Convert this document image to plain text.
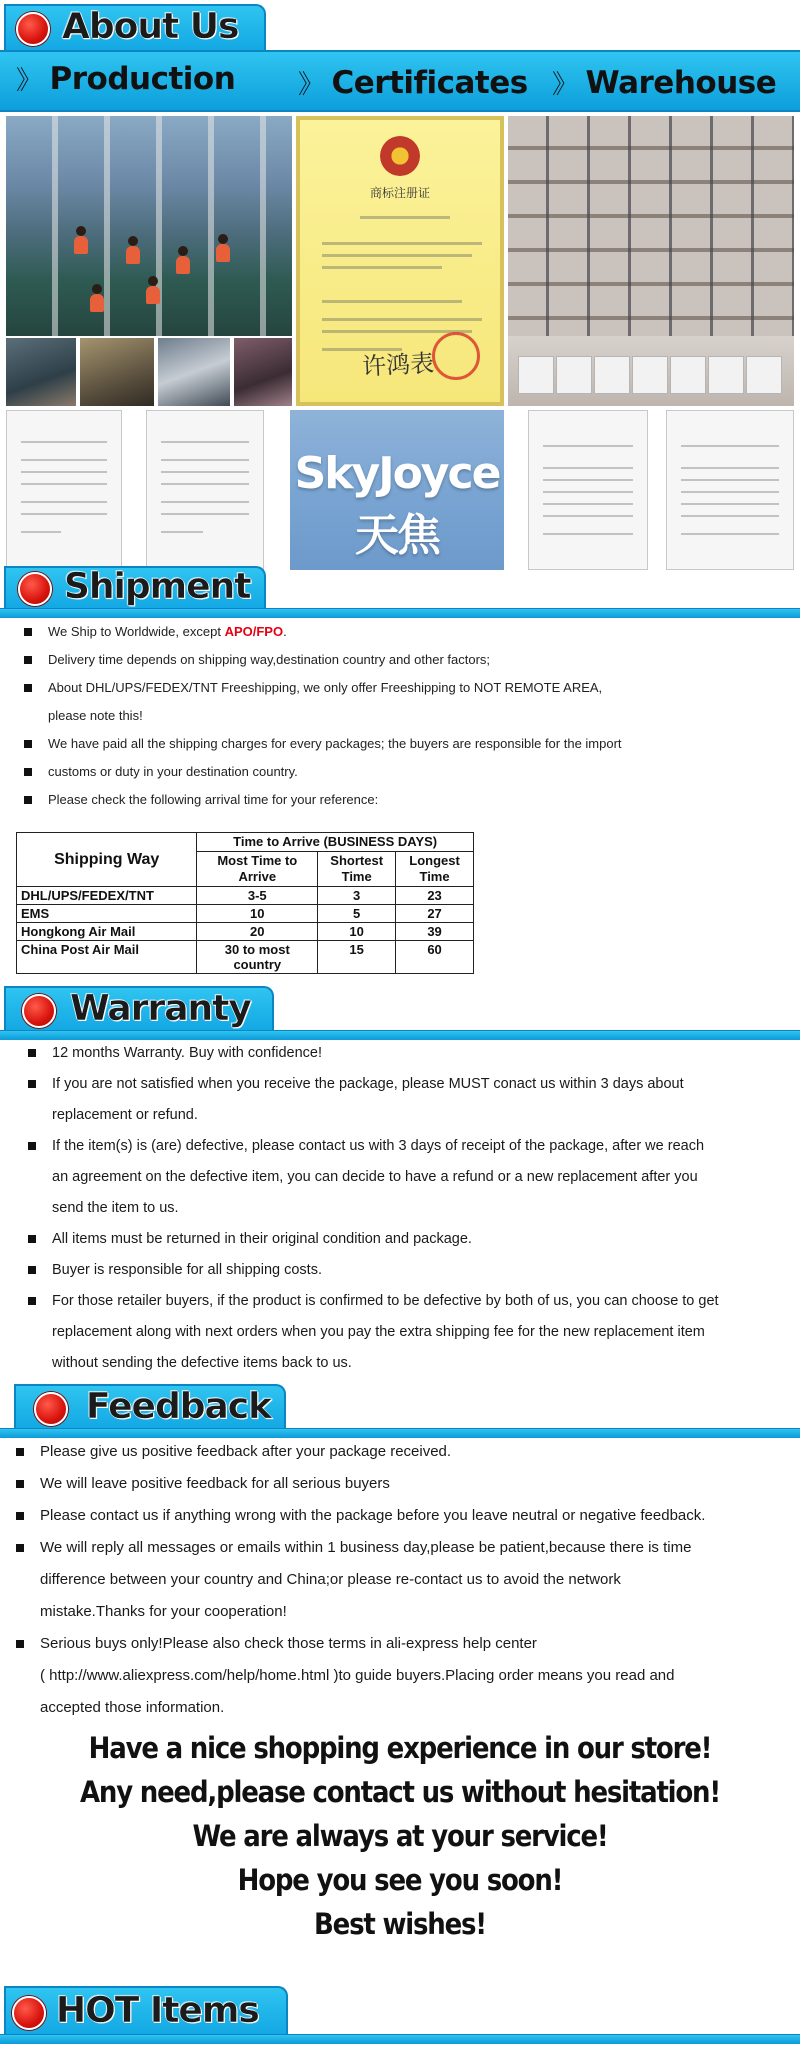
About Us
》 Production 》 Certificates 》 Warehouse
商标注册证
许鸿表
SkyJoyce天焦
Shipment
We Ship to Worldwide, except APO/FPO.
Delivery time depends on shipping way,destination country and other factors;
About DHL/UPS/FEDEX/TNT Freeshipping, we only offer Freeshipping to NOT REMOTE AREA,
please note this!
We have paid all the shipping charges for every packages; the buyers are responsible for the import
customs or duty in your destination country.
Please check the following arrival time for your reference:
Shipping Way	Time to Arrive (BUSINESS DAYS)		
	Most Time to Arrive	Shortest Time	Longest Time
DHL/UPS/FEDEX/TNT	3-5	3	23
EMS	10	5	27
Hongkong Air Mail	20	10	39
China Post Air Mail	30 to most country	15	60
Warranty
12 months Warranty. Buy with confidence!
If you are not satisfied when you receive the package, please MUST conact us within 3 days about
replacement or refund.
If the item(s) is (are) defective, please contact us with 3 days of receipt of the package, after we reach
an agreement on the defective item, you can decide to have a refund or a new replacement after you
send the item to us.
All items must be returned in their original condition and package.
Buyer is responsible for all shipping costs.
For those retailer buyers, if the product is confirmed to be defective by both of us, you can choose to get
replacement along with next orders when you pay the extra shipping fee for the new replacement item
without sending the defective items back to us.
Feedback
Please give us positive feedback after your package received.
We will leave positive feedback for all serious buyers
Please contact us if anything wrong with the package before you leave neutral or negative feedback.
We will reply all messages or emails within 1 business day,please be patient,because there is time
difference between your country and China;or please re-contact us to avoid the network
mistake.Thanks for your cooperation!
Serious buys only!Please also check those terms in ali-express help center
( http://www.aliexpress.com/help/home.html )to guide buyers.Placing order means you read and
accepted those information.
Have a nice shopping experience in our store!
Any need,please contact us without hesitation!
We are always at your service!
Hope you see you soon!
Best wishes!
HOT Items
